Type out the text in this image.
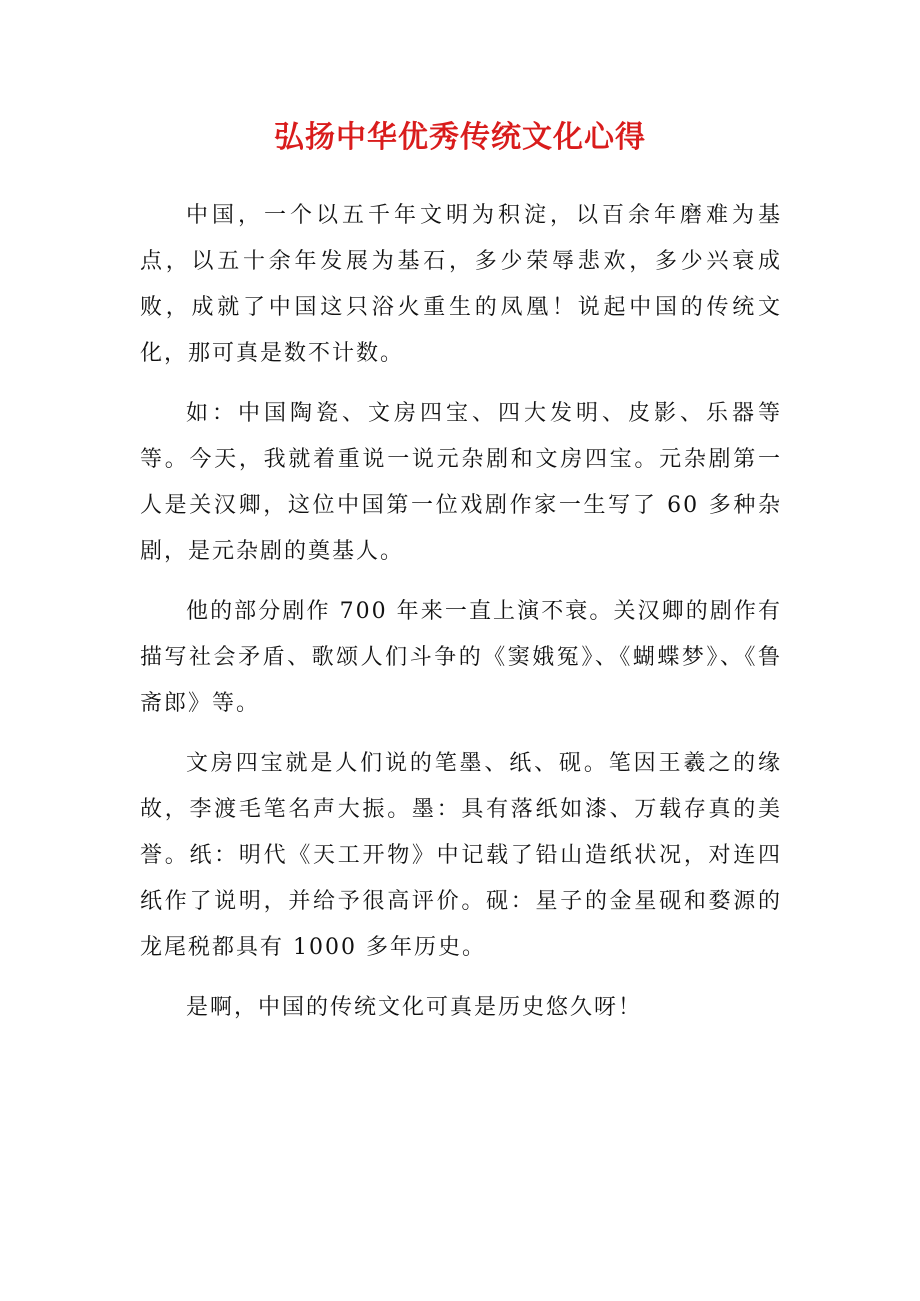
弘扬中华优秀传统文化心得

中国，一个以五千年文明为积淀，以百余年磨难为基点，以五十余年发展为基石，多少荣辱悲欢，多少兴衰成败，成就了中国这只浴火重生的凤凰！说起中国的传统文化，那可真是数不计数。

如：中国陶瓷、文房四宝、四大发明、皮影、乐器等等。今天，我就着重说一说元杂剧和文房四宝。元杂剧第一人是关汉卿，这位中国第一位戏剧作家一生写了 60 多种杂剧，是元杂剧的奠基人。

他的部分剧作 700 年来一直上演不衰。关汉卿的剧作有描写社会矛盾、歌颂人们斗争的《窦娥冤》、《蝴蝶梦》、《鲁斋郎》等。

文房四宝就是人们说的笔墨、纸、砚。笔因王羲之的缘故，李渡毛笔名声大振。墨：具有落纸如漆、万载存真的美誉。纸：明代《天工开物》中记载了铅山造纸状况，对连四纸作了说明，并给予很高评价。砚：星子的金星砚和婺源的龙尾税都具有 1000 多年历史。

是啊，中国的传统文化可真是历史悠久呀！
